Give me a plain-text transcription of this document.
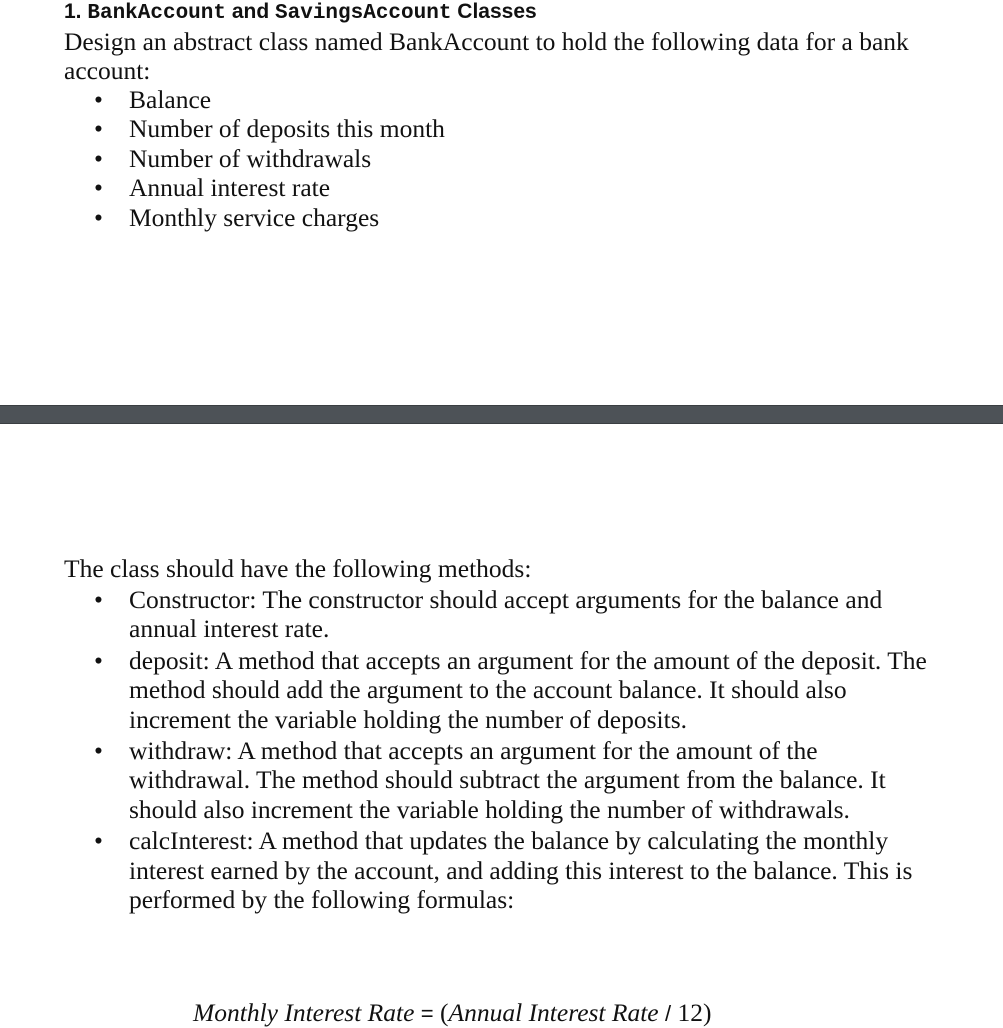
1. BankAccount and SavingsAccount Classes

Design an abstract class named BankAccount to hold the following data for a bank account:

• Balance
• Number of deposits this month
• Number of withdrawals
• Annual interest rate
• Monthly service charges

The class should have the following methods:

• Constructor: The constructor should accept arguments for the balance and annual interest rate.
• deposit: A method that accepts an argument for the amount of the deposit. The method should add the argument to the account balance. It should also increment the variable holding the number of deposits.
• withdraw: A method that accepts an argument for the amount of the withdrawal. The method should subtract the argument from the balance. It should also increment the variable holding the number of withdrawals.
• calcInterest: A method that updates the balance by calculating the monthly interest earned by the account, and adding this interest to the balance. This is performed by the following formulas:
Monthly Interest Rate = (Annual Interest Rate / 12)
